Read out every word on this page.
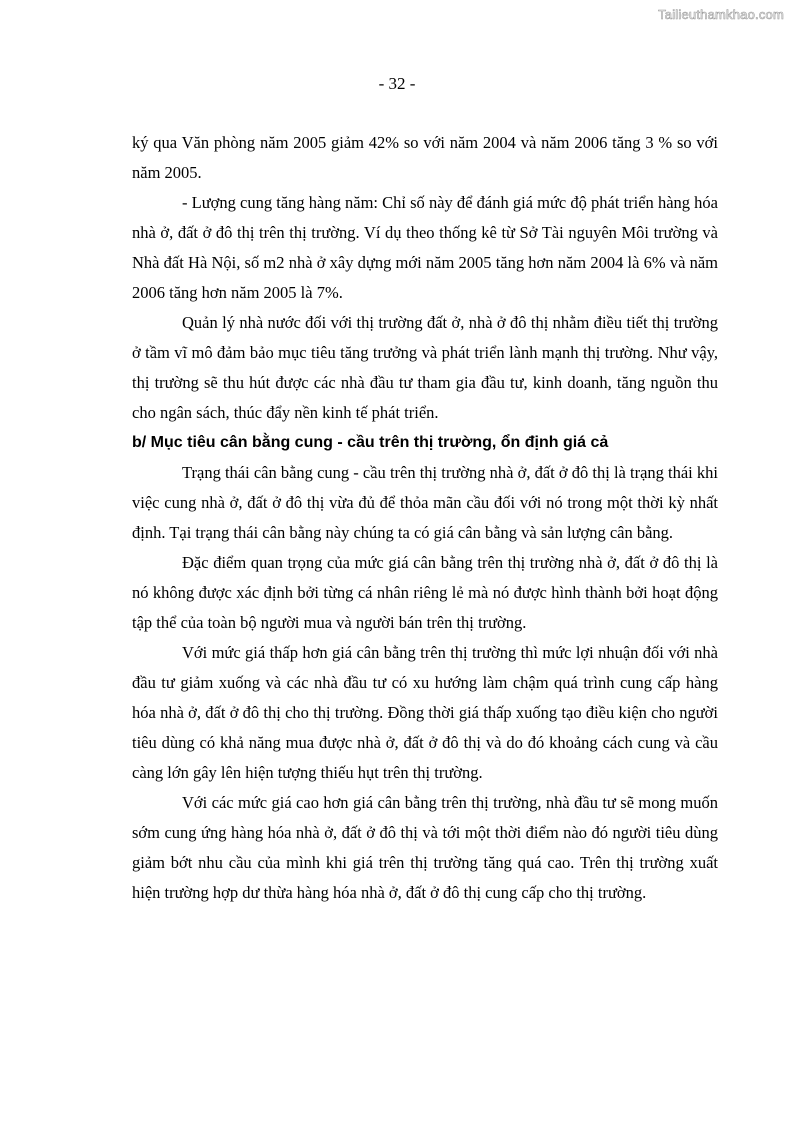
Tailieuthamkhao.com
- 32 -

ký qua Văn phòng năm 2005 giảm 42% so với năm 2004 và năm 2006 tăng 3 % so với năm 2005.

- Lượng cung tăng hàng năm: Chỉ số này để đánh giá mức độ phát triển hàng hóa nhà ở, đất ở đô thị trên thị trường. Ví dụ theo thống kê từ Sở Tài nguyên Môi trường và Nhà đất Hà Nội, số m2 nhà ở xây dựng mới năm 2005 tăng hơn năm 2004 là 6% và năm 2006 tăng hơn năm 2005 là 7%.

Quản lý nhà nước đối với thị trường đất ở, nhà ở đô thị nhằm điều tiết thị trường ở tầm vĩ mô đảm bảo mục tiêu tăng trưởng và phát triển lành mạnh thị trường. Như vậy, thị trường sẽ thu hút được các nhà đầu tư tham gia đầu tư, kinh doanh, tăng nguồn thu cho ngân sách, thúc đẩy nền kinh tế phát triển.

b/ Mục tiêu cân bằng cung - cầu trên thị trường, ổn định giá cả

Trạng thái cân bằng cung - cầu trên thị trường nhà ở, đất ở đô thị là trạng thái khi việc cung nhà ở, đất ở đô thị vừa đủ để thỏa mãn cầu đối với nó trong một thời kỳ nhất định. Tại trạng thái cân bằng này chúng ta có giá cân bằng và sản lượng cân bằng.

Đặc điểm quan trọng của mức giá cân bằng trên thị trường nhà ở, đất ở đô thị là nó không được xác định bởi từng cá nhân riêng lẻ mà nó được hình thành bởi hoạt động tập thể của toàn bộ người mua và người bán trên thị trường.

Với mức giá thấp hơn giá cân bằng trên thị trường thì mức lợi nhuận đối với nhà đầu tư giảm xuống và các nhà đầu tư có xu hướng làm chậm quá trình cung cấp hàng hóa nhà ở, đất ở đô thị cho thị trường. Đồng thời giá thấp xuống tạo điều kiện cho người tiêu dùng có khả năng mua được nhà ở, đất ở đô thị và do đó khoảng cách cung và cầu càng lớn gây lên hiện tượng thiếu hụt trên thị trường.

Với các mức giá cao hơn giá cân bằng trên thị trường, nhà đầu tư sẽ mong muốn sớm cung ứng hàng hóa nhà ở, đất ở đô thị và tới một thời điểm nào đó người tiêu dùng giảm bớt nhu cầu của mình khi giá trên thị trường tăng quá cao. Trên thị trường xuất hiện trường hợp dư thừa hàng hóa nhà ở, đất ở đô thị cung cấp cho thị trường.
